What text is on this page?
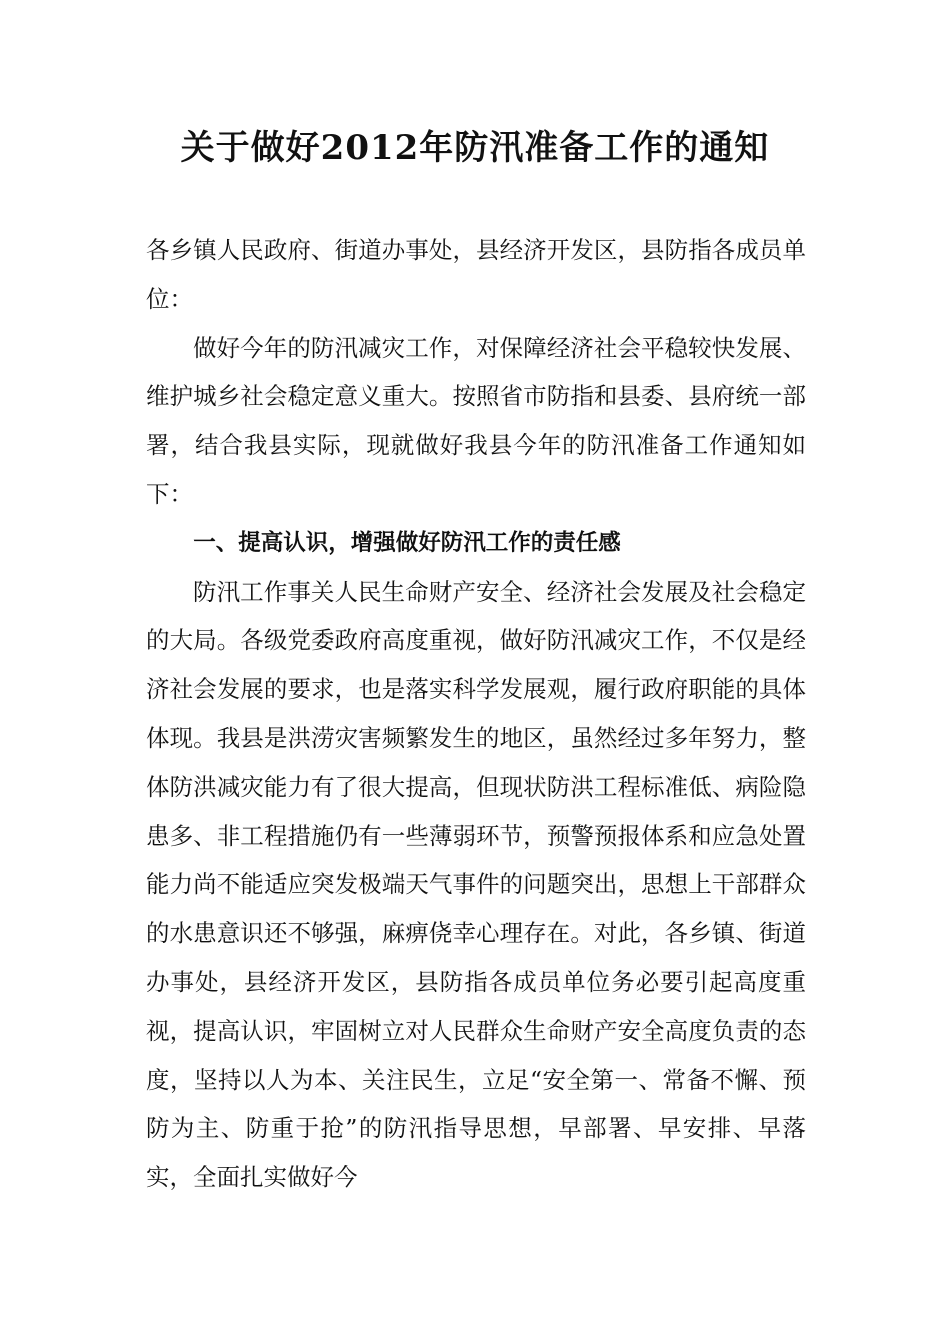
关于做好2012年防汛准备工作的通知

各乡镇人民政府、街道办事处，县经济开发区，县防指各成员单位：

做好今年的防汛减灾工作，对保障经济社会平稳较快发展、维护城乡社会稳定意义重大。按照省市防指和县委、县府统一部署，结合我县实际，现就做好我县今年的防汛准备工作通知如下：

一、提高认识，增强做好防汛工作的责任感

防汛工作事关人民生命财产安全、经济社会发展及社会稳定的大局。各级党委政府高度重视，做好防汛减灾工作，不仅是经济社会发展的要求，也是落实科学发展观，履行政府职能的具体体现。我县是洪涝灾害频繁发生的地区，虽然经过多年努力，整体防洪减灾能力有了很大提高，但现状防洪工程标准低、病险隐患多、非工程措施仍有一些薄弱环节，预警预报体系和应急处置能力尚不能适应突发极端天气事件的问题突出，思想上干部群众的水患意识还不够强，麻痹侥幸心理存在。对此，各乡镇、街道办事处，县经济开发区，县防指各成员单位务必要引起高度重视，提高认识，牢固树立对人民群众生命财产安全高度负责的态度，坚持以人为本、关注民生，立足“安全第一、常备不懈、预防为主、防重于抢”的防汛指导思想，早部署、早安排、早落实，全面扎实做好今
